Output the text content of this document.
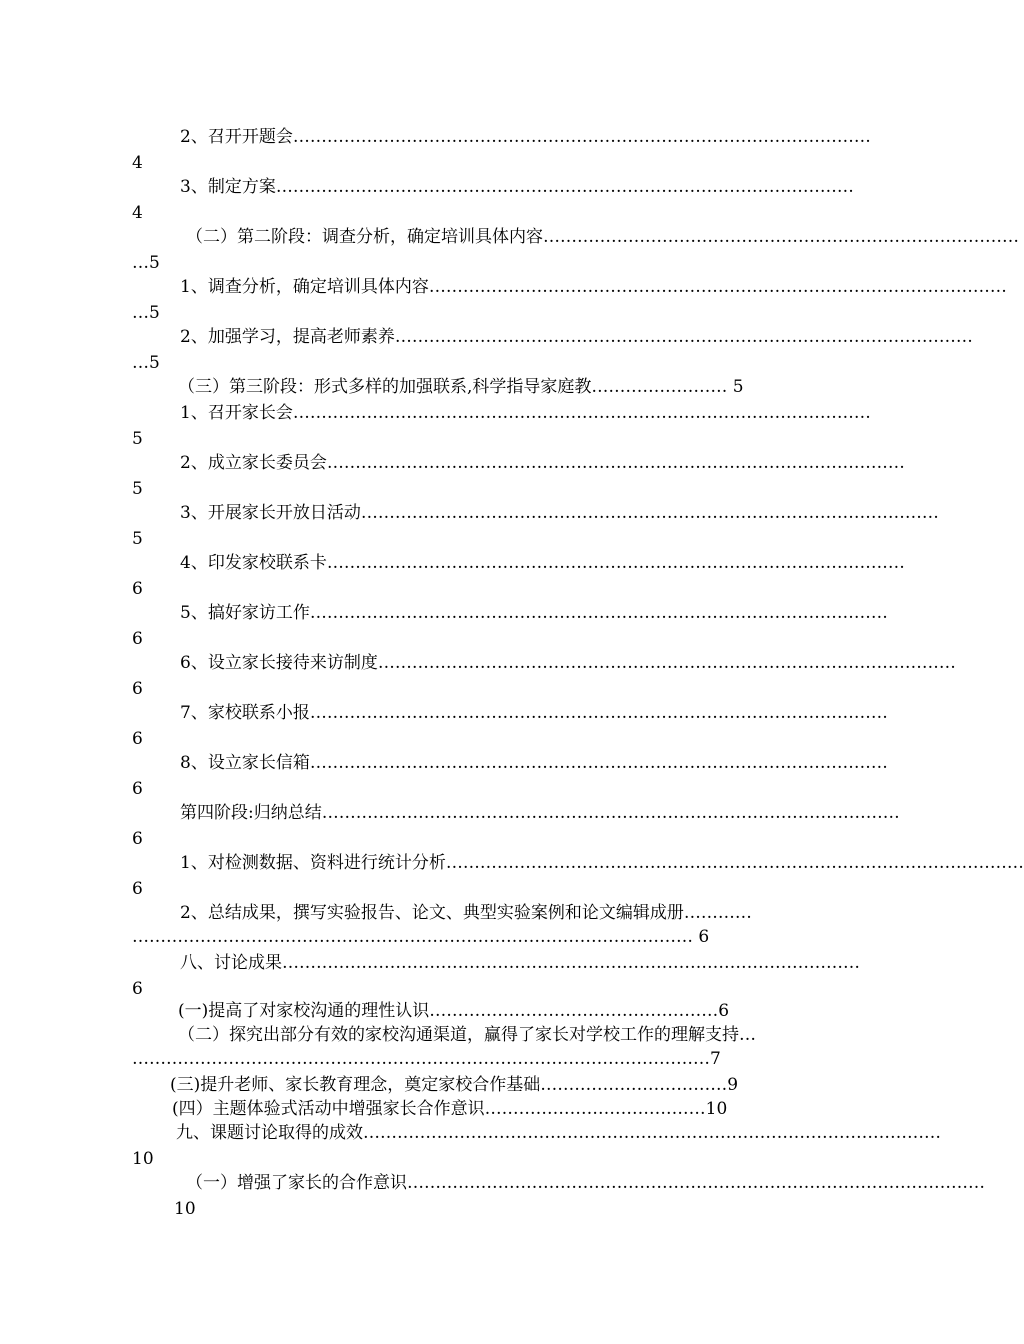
2、召开开题会…………………………………………………………………………………………
4
3、制定方案…………………………………………………………………………………………
4
（二）第二阶段：调查分析，确定培训具体内容…………………………………………………………………………
…5
1、调查分析，确定培训具体内容…………………………………………………………………………………………
…5
2、加强学习，提高老师素养…………………………………………………………………………………………
…5
（三）第三阶段：形式多样的加强联系,科学指导家庭教…………………… 5
1、召开家长会…………………………………………………………………………………………
5
2、成立家长委员会…………………………………………………………………………………………
5
3、开展家长开放日活动…………………………………………………………………………………………
5
4、印发家校联系卡…………………………………………………………………………………………
6
5、搞好家访工作…………………………………………………………………………………………
6
6、设立家长接待来访制度…………………………………………………………………………………………
6
7、家校联系小报…………………………………………………………………………………………
6
8、设立家长信箱…………………………………………………………………………………………
6
第四阶段:归纳总结…………………………………………………………………………………………
6
1、对检测数据、资料进行统计分析…………………………………………………………………………………………
6
2、总结成果，撰写实验报告、论文、典型实验案例和论文编辑成册…………
……………………………………………………………………………………… 6
八、讨论成果…………………………………………………………………………………………
6
(一)提高了对家校沟通的理性认识……………………………………………6
（二）探究出部分有效的家校沟通渠道，赢得了家长对学校工作的理解支持…
…………………………………………………………………………………………7
(三)提升老师、家长教育理念，奠定家校合作基础……………………………9
(四）主题体验式活动中增强家长合作意识…………………………………10
九、课题讨论取得的成效…………………………………………………………………………………………
10
（一）增强了家长的合作意识…………………………………………………………………………………………
10
